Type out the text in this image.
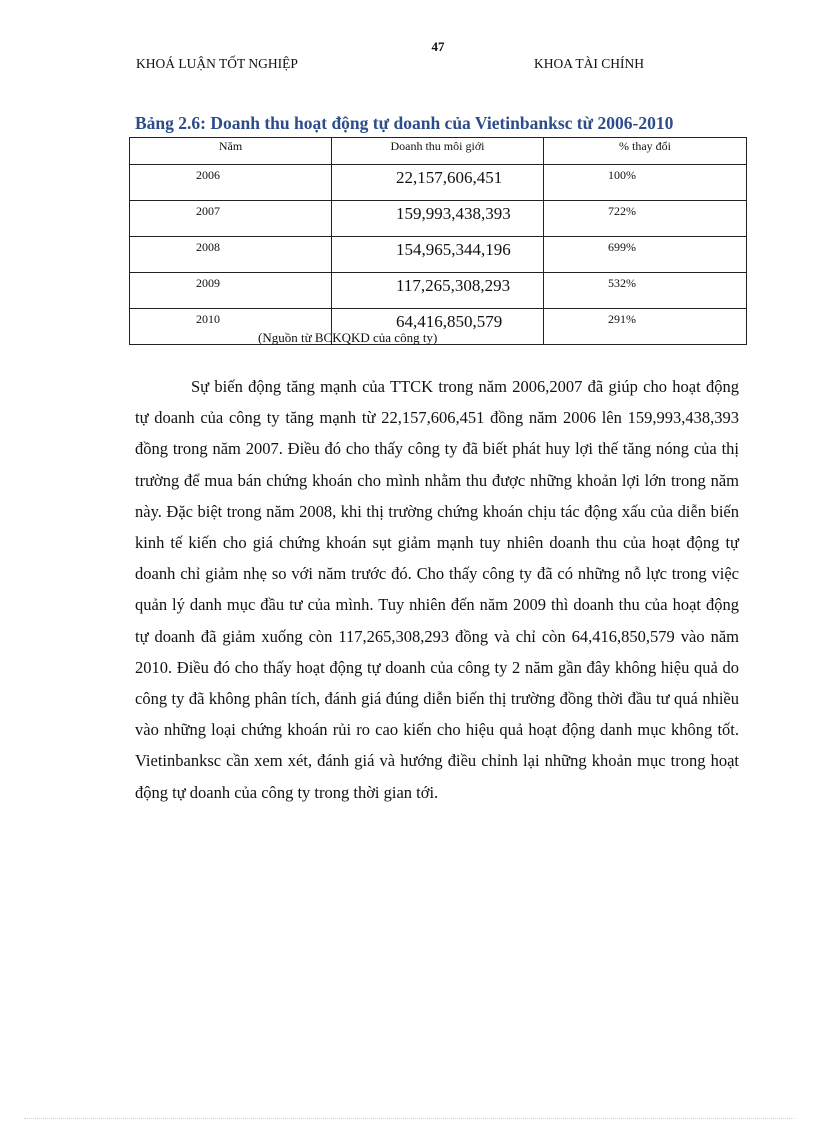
47
KHOÁ LUẬN TỐT NGHIỆP	KHOA TÀI CHÍNH
Bảng 2.6: Doanh thu hoạt động tự doanh của Vietinbanksc từ 2006-2010
Năm	Doanh thu môi giới	% thay đổi
2006	22,157,606,451	100%
2007	159,993,438,393	722%
2008	154,965,344,196	699%
2009	117,265,308,293	532%
2010	64,416,850,579	291%
(Nguồn từ BCKQKD của công ty)

Sự biến động tăng mạnh của TTCK trong năm 2006,2007 đã giúp cho hoạt động tự doanh của công ty tăng mạnh từ 22,157,606,451 đồng năm 2006 lên 159,993,438,393 đồng trong năm 2007. Điều đó cho thấy công ty đã biết phát huy lợi thế tăng nóng của thị trường để mua bán chứng khoán cho mình nhằm thu được những khoản lợi lớn trong năm này. Đặc biệt trong năm 2008, khi thị trường chứng khoán chịu tác động xấu của diễn biến kinh tế kiến cho giá chứng khoán sụt giảm mạnh tuy nhiên doanh thu của hoạt động tự doanh chỉ giảm nhẹ so với năm trước đó. Cho thấy công ty đã có những nỗ lực trong việc quản lý danh mục đầu tư của mình. Tuy nhiên đến năm 2009 thì doanh thu của hoạt động tự doanh đã giảm xuống còn 117,265,308,293 đồng và chỉ còn 64,416,850,579 vào năm 2010. Điều đó cho thấy hoạt động tự doanh của công ty 2 năm gần đây không hiệu quả do công ty đã không phân tích, đánh giá đúng diễn biến thị trường đồng thời đầu tư quá nhiều vào những loại chứng khoán rủi ro cao kiến cho hiệu quả hoạt động danh mục không tốt. Vietinbanksc cần xem xét, đánh giá và hướng điều chỉnh lại những khoản mục trong hoạt động tự doanh của công ty trong thời gian tới.
